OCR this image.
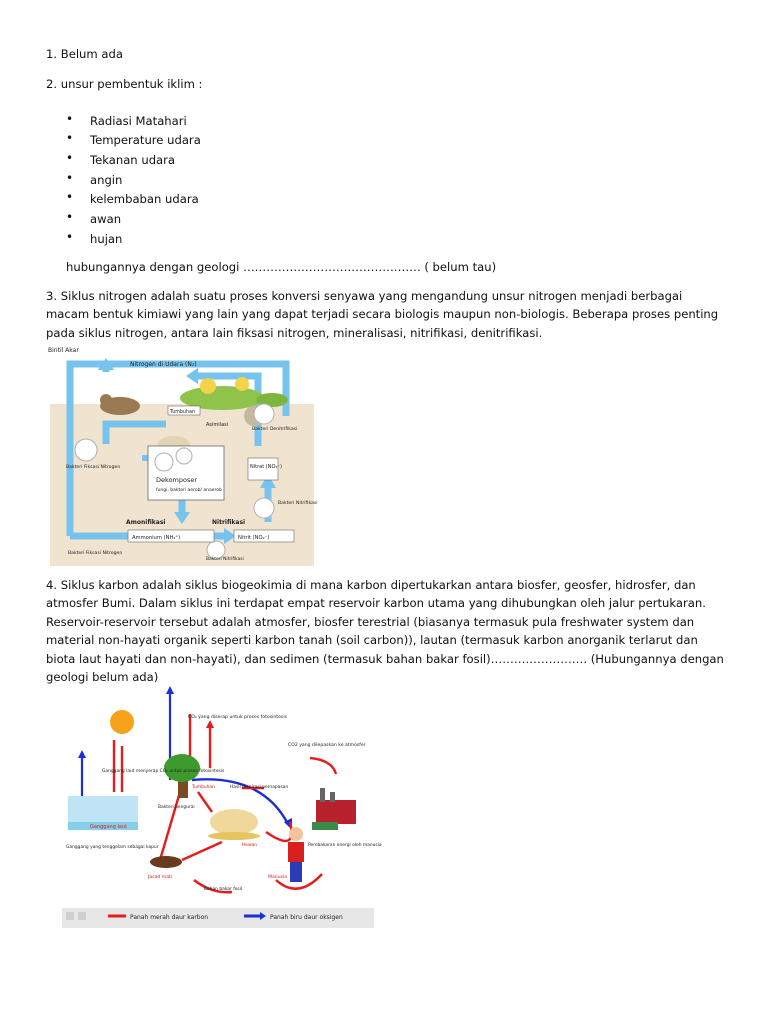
1. Belum ada
2. unsur pembentuk iklim :
• Radiasi Matahari
• Temperature udara
• Tekanan udara
• angin
• kelembaban udara
• awan
• hujan
hubungannya dengan geologi ………………………………………. ( belum tau)
3. Siklus nitrogen adalah suatu proses konversi senyawa yang mengandung unsur nitrogen menjadi berbagai macam bentuk kimiawi yang lain yang dapat terjadi secara biologis maupun non-biologis. Beberapa proses penting pada siklus nitrogen, antara lain fiksasi nitrogen, mineralisasi, nitrifikasi, denitrifikasi.
Bintil Akar
Nitrogen di Udara (N₂)
Tumbuhan
Asimilasi
Bakteri Fiksasi Nitrogen
Bakteri Denitrifikasi
Dekomposer
fungi, bakteri aerob/ anaerob
Nitrat (NO₃⁻)
Bakteri Nitrifikasi
Amonifikasi	Nitrifikasi
Ammonium (NH₄⁺)	Nitrit (NO₂⁻)
Bakteri Fiksasi Nitrogen
Bakteri Nitrifikasi
4. Siklus karbon adalah siklus biogeokimia di mana karbon dipertukarkan antara biosfer, geosfer, hidrosfer, dan atmosfer Bumi. Dalam siklus ini terdapat empat reservoir karbon utama yang dihubungkan oleh jalur pertukaran. Reservoir-reservoir tersebut adalah atmosfer, biosfer terestrial (biasanya termasuk pula freshwater system dan material non-hayati organik seperti karbon tanah (soil carbon)), lautan (termasuk karbon anorganik terlarut dan biota laut hayati dan non-hayati), dan sedimen (termasuk bahan bakar fosil)……………………. (Hubungannya dengan geologi belum ada)
CO₂ yang diserap untuk proses fotosintesis
CO2 yang dilepaskan ke atmosfer
Ganggang laut menyerap CO₂ untuk proses fotosintesis
Tumbuhan	Hasil respirasi pernapasan
Bakteri pengurai
Ganggang laut
Hewan
Ganggang yang tenggelam sebagai kapur	Pembakaran energi oleh manusia
Jasad mati	Manusia
Bahan bakar fosil
Panah merah daur karbon	Panah biru daur oksigen
